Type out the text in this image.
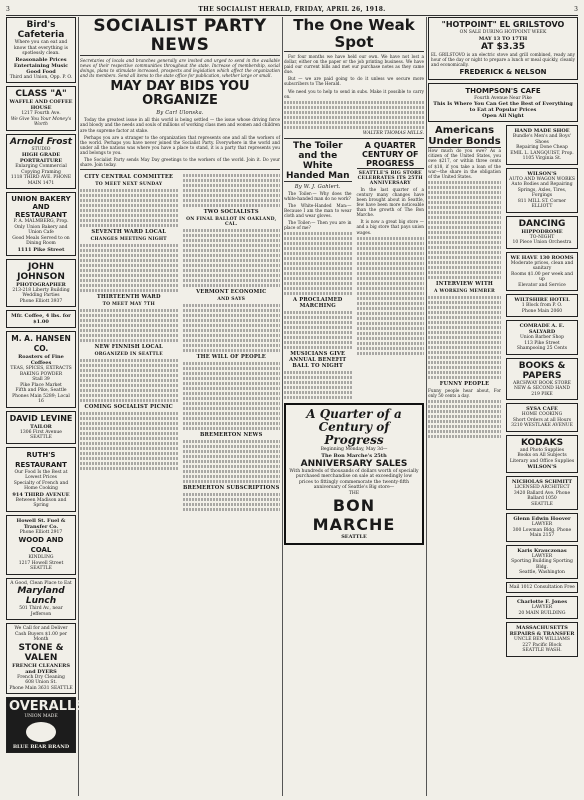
3	THE SOCIALIST HERALD, FRIDAY, APRIL 26, 1918.	3
Bird's Cafeteria
Where you can eat and know that everything is spotlessly clean.
Reasonable Prices
Entertaining Music
Good Food
Third and Union, Opp. P. O.
CLASS "A"
WAFFLE AND COFFEE HOUSE
1217 Fourth Ave.
We Give You Your Money's Worth
Arnold Frost
STUDIO
HIGH GRADE PORTRAITURE
Enlarging Commercial
Copying Framing
1118 THIRD AVE. PHONE MAIN 1471
UNION BAKERY AND RESTAURANT
P. A. MALMBERG, Prop.
Only Union Bakery and Union Cafe
Good Meals Served to on Dining Room
1111 Pike Street
JOHN JOHNSON
PHOTOGRAPHER
213-218 Liberty Building
Wedding Parties
Phone Elliott 3937
Mfr. Coffee, 4 lbs. for $1.00
M. A. HANSEN CO.
Roasters of Fine Coffees
TEAS, SPICES, EXTRACTS
BAKING POWDER
Stall 39
Pike Place Market
Fifth and Pike, Seattle
Phones Main 5289; Local 16
DAVID LEVINE
TAILOR
1306 First Avenue SEATTLE
RUTH'S RESTAURANT
Our Food Is the Best at Lowest Prices
Specialty of French and Home Cooking
914 THIRD AVENUE
Between Madison and Spring
Howell St. Fuel & Transfer Co.
Phone Elliott 2917
WOOD AND COAL
KINDLING
1217 Howell Street SEATTLE
A Good, Clean Place to Eat
Maryland Lunch
501 Third Av., near Jefferson
We Call for and Deliver
Cash Buyers $1.00 per Month
STONE & VALEN
FRENCH CLEANERS and DYERS
French Dry Cleaning
608 Union St.
Phone Main 3631 SEATTLE
OVERALLS
UNION MADE
BLUE BEAR BRAND
SOCIALIST PARTY NEWS
Secretaries of locals and branches generally are invited and urged to send in the available news of their respective communities throughout the state. Increase of membership, social doings, plans to stimulate increased, prospects and legislation which affect the organization and its members. Send all items to the state office for publication, whether large or small.
MAY DAY BIDS YOU ORGANIZE
By Carl Ulonska.

Today the greatest issue in all this world is being settled — the issue whose driving force and bloody and the needs and souls of millions of working class men and women and children are the supreme factor at stake.

Perhaps you are a stranger to the organization that represents one and all the workers of the world. Perhaps you have never joined the Socialist Party. Everywhere in the world and under all the nations was where you have a place to stand, it is a party that represents you and belongs to you.

The Socialist Party sends May Day greetings to the workers of the world. Join it. Do your share. Join today.

CITY CENTRAL COMMITTEE
TO MEET NEXT SUNDAY
SEVENTH WARD LOCAL
CHANGES MEETING NIGHT
THIRTEENTH WARD
TO MEET MAY 7TH
NEW FINNISH LOCAL
ORGANIZED IN SEATTLE
COMING SOCIALIST PICNIC
TWO SOCIALISTS
ON FINAL BALLOT IN OAKLAND, CAL.
VERMONT ECONOMIC
AND SAYS
THE WILL OF PEOPLE
BREMERTON NEWS
BREMERTON SUBSCRIPTIONS
The One Weak Spot

For four months we have held our own. We have not lost a dollar, either on the paper or the job printing business. We have paid our current bills and met our purchase notes as they came due.

But — we are paid going to do it unless we secure more subscribers to The Herald.

We need you to help to send in subs. Make it possible to carry on.

WALTER THOMAS MILLS.
The Toiler and the White Handed Man
By W. J. Gahlert.

The Toiler:— Why does the white-handed man do no work?

The White-Handed Man:— Because I am the man to wear cloth and wear gloves.

The Toiler:— Then you are in place of me?

A PROCLAIMED MARCHING
MUSICIANS GIVE ANNUAL BENEFIT BALL TO NIGHT
A QUARTER CENTURY OF PROGRESS
SEATTLE'S BIG STORE CELEBRATES ITS 25TH ANNIVERSARY

In the last quarter of a century many changes have been brought about in Seattle, few have been more noticeable than the growth of The Bon Marche.

It is now a great big store — and a big store that pays union wages.

A Quarter of a Century of Progress
Beginning Monday, May 3d—
The Bon Marche's 25th
ANNIVERSARY SALES
With hundreds of thousands of dollars worth of specially purchased merchandise on sale at exceedingly low prices to fittingly commemorate the twenty-fifth anniversary of Seattle's Big store—
THE
BON MARCHE
SEATTLE
"HOTPOINT" EL GRILSTOVO
ON SALE DURING HOTPOINT WEEK
MAY 13 TO 17TH
AT $3.35
EL GRILSTOVO is an electric stove and grill combined, ready any hour of the day or night to prepare a lunch or meal quickly, cleanly and economically.
FREDERICK & NELSON
THOMPSON'S CAFE
Fourth Avenue Near Pike
This Is Where You Can Get the Best of Everything to Eat at Popular Prices
Open All Night
Americans Under Bonds
How much do you owe? As a citizen of the United States, you owe $217, or within three cents of $18, if you take a loan of the war—the share in the obligation of the United States.
INTERVIEW WITH
A WORKING MEMBER
FUNNY PEOPLE
Funny people hear about, For only 50 cents a day.
HAND MADE SHOE
Bundle's Men's and Boys' Shoes
Repairing Done Cheap
EMIL L. LANGQUIST, Prop.
1105 Virginia St.
WILSON'S
AUTO AND WAGON WORKS
Auto Bodies and Repairing
Springs, Axles, Tires, Forgings
811 MILL ST. Corner ELLIOTT
DANCING
HIPPODROME
TO-NIGHT
10 Piece Union Orchestra
WE HAVE 130 ROOMS
Moderate prices, clean and sanitary
Rooms $1.00 per week and up
Elevator and Service
WILTSHIRE HOTEL
1 Block from P. O.
Phone Main 2060
COMRADE A. E. SALYARD
Union Barber Shop
113 Pike Street
Shampooing 25 Cents
BOOKS & PAPERS
ARCHWAY BOOK STORE
NEW & SECOND HAND
219 PIKE
SYSA CAFE
HOME COOKING
Short Orders at all Hours
3210 WESTLAKE AVENUE
KODAKS
and Photo Supplies
Books on All Subjects
Literary and Office Supplies
WILSON'S
NICHOLAS SCHMITT
LICENSED ARCHITECT
3420 Ballard Ave. Phone Ballard 1050
SEATTLE
Glenn Edwin Hoover
LAWYER
300 Lowman Bldg. Phone Main 2157
Karis Krauczonas
LAWYER
Sporting Building Sporting Bldg.
Seattle, Washington
Mail 1012 Consultation Free
Charlotte F. Jones
LAWYER
20 MAIN BUILDING
MASSACHUSETTS REPAIRS & TRANSFER
UNCLE BEN WILLIAMS
227 Pacific Block
SEATTLE WASH.
